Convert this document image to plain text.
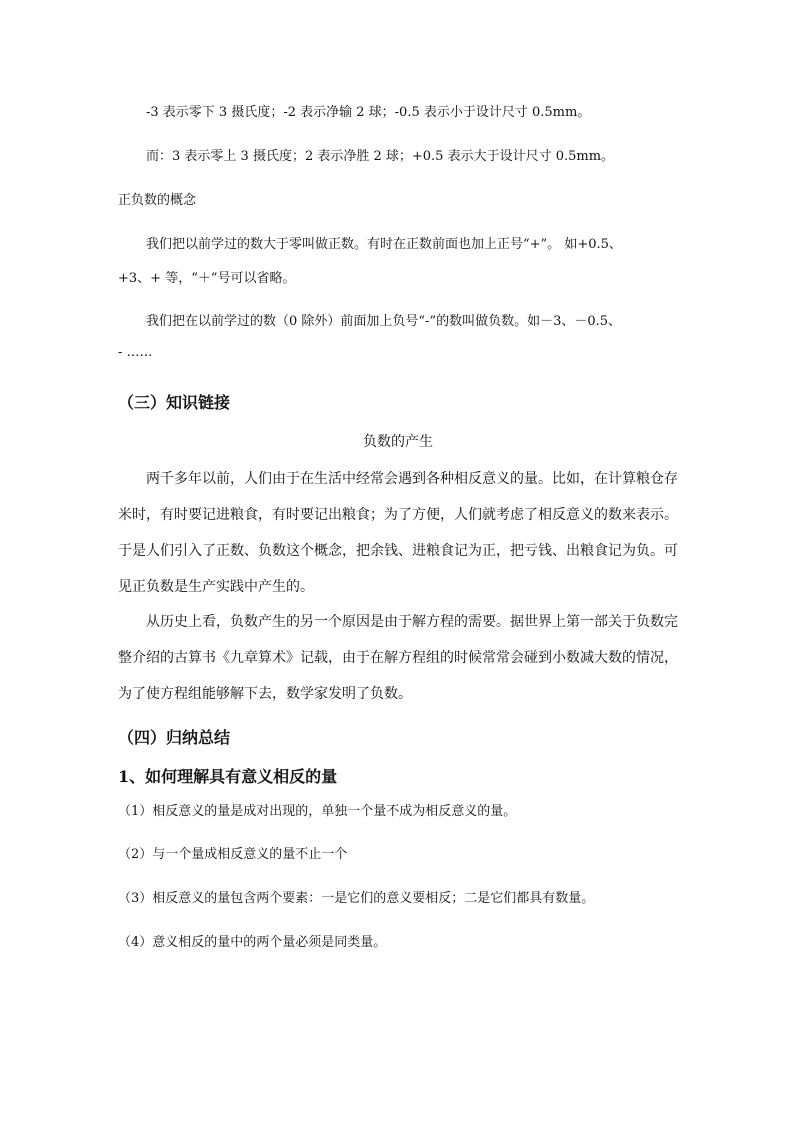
-3 表示零下 3 摄氏度；-2 表示净输 2 球；-0.5 表示小于设计尺寸 0.5mm。
而：3 表示零上 3 摄氏度；2 表示净胜 2 球；+0.5 表示大于设计尺寸 0.5mm。
正负数的概念
我们把以前学过的数大于零叫做正数。有时在正数前面也加上正号“+”。 如+0.5、
+3、+ 等，“＋”号可以省略。
我们把在以前学过的数（0 除外）前面加上负号“-”的数叫做负数。如－3、－0.5、
- ……
（三）知识链接
负数的产生
两千多年以前，人们由于在生活中经常会遇到各种相反意义的量。比如，在计算粮仓存米时，有时要记进粮食，有时要记出粮食；为了方便，人们就考虑了相反意义的数来表示。于是人们引入了正数、负数这个概念，把余钱、进粮食记为正，把亏钱、出粮食记为负。可见正负数是生产实践中产生的。
从历史上看，负数产生的另一个原因是由于解方程的需要。据世界上第一部关于负数完整介绍的古算书《九章算术》记载，由于在解方程组的时候常常会碰到小数减大数的情况，为了使方程组能够解下去，数学家发明了负数。
（四）归纳总结
1、如何理解具有意义相反的量
（1）相反意义的量是成对出现的，单独一个量不成为相反意义的量。
（2）与一个量成相反意义的量不止一个
（3）相反意义的量包含两个要素：一是它们的意义要相反；二是它们都具有数量。
（4）意义相反的量中的两个量必须是同类量。
